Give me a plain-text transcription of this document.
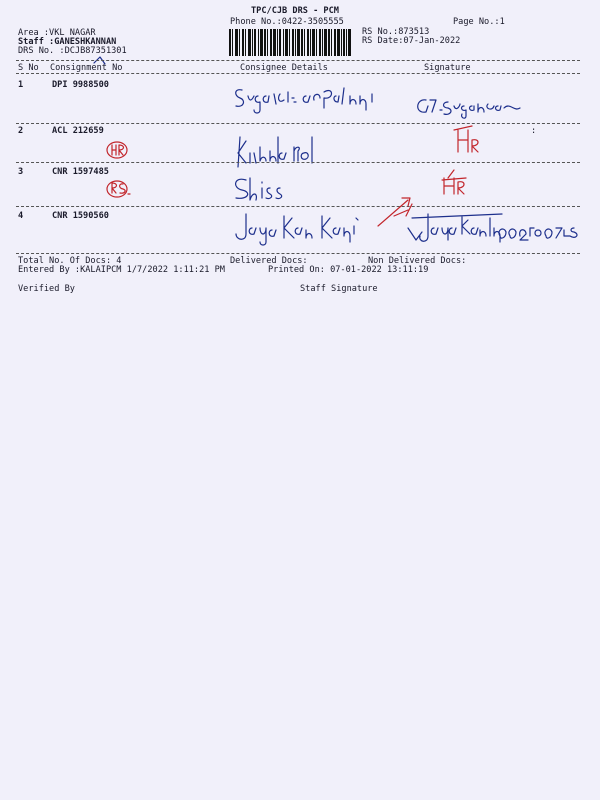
TPC/CJB DRS - PCM
Phone No.:0422-3505555	Page No.:1
Area :VKL NAGAR
Staff :GANESHKANNAN
DRS No. :DCJB87351301
RS No.:873513
RS Date:07-Jan-2022
S No Consignment No	Consignee Details	Signature
1	DPI 9988500
2	ACL 212659	:
3	CNR 1597485
4	CNR 1590560
Total No. Of Docs: 4	Delivered Docs:	Non Delivered Docs:
Entered By :KALAIPCM 1/7/2022 1:11:21 PM	Printed On: 07-01-2022 13:11:19
Verified By	Staff Signature
